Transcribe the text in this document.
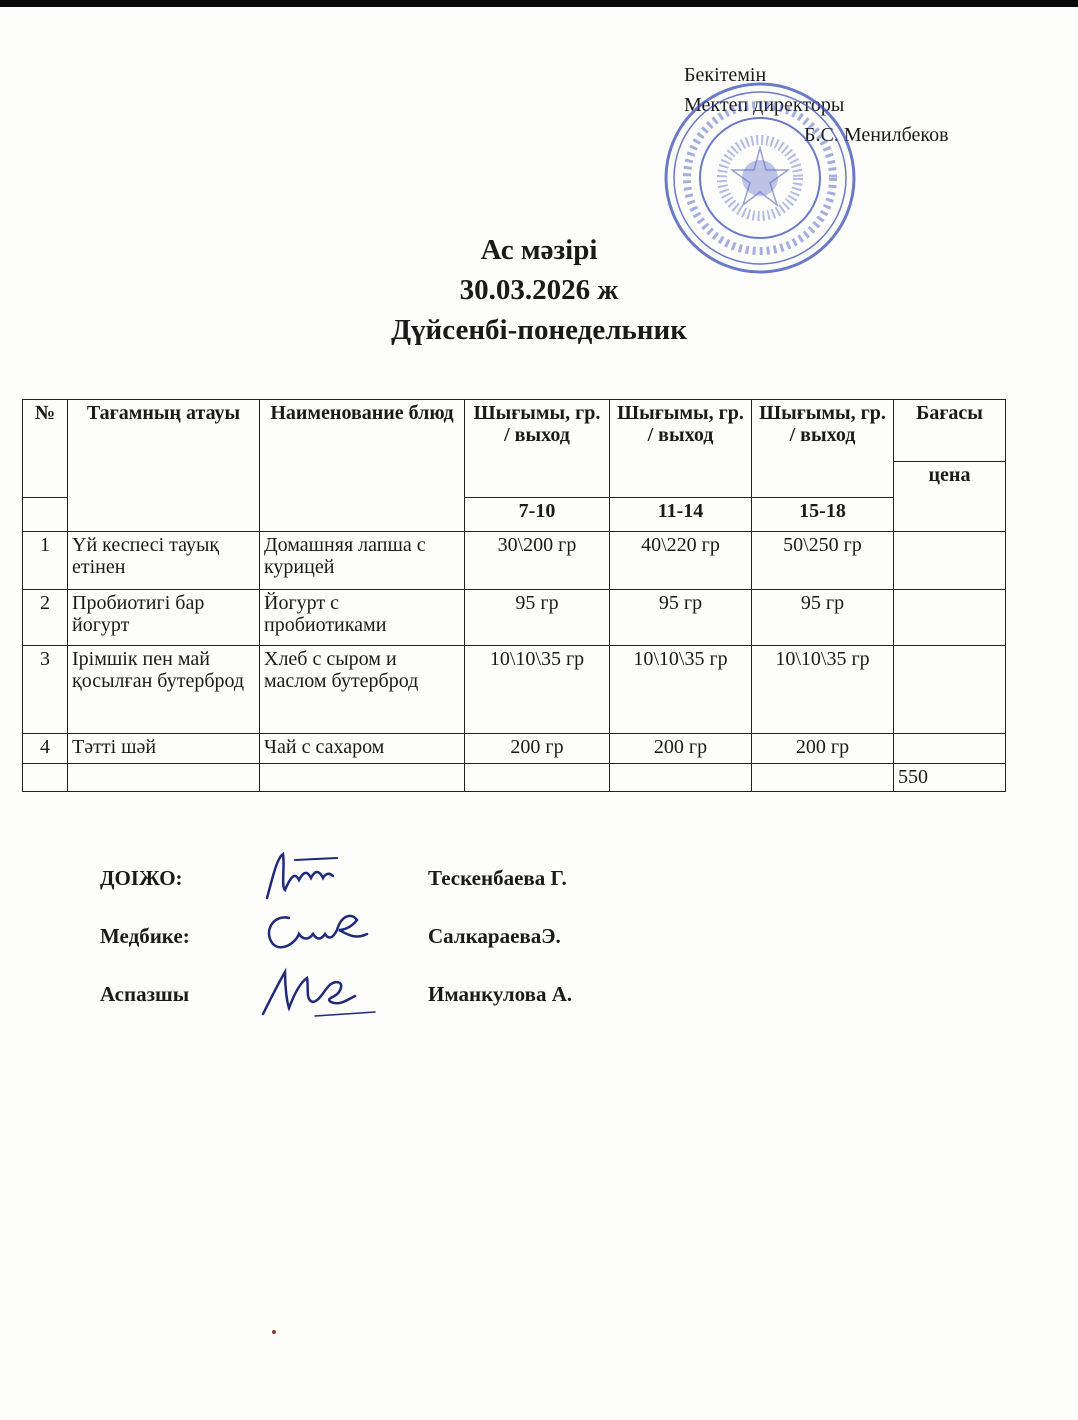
Бекітемін
Мектеп директоры
Б.С. Менилбеков
Ас мәзірі
30.03.2026 ж
Дүйсенбі-понедельник
№	Тағамның атауы	Наименование блюд	Шығымы, гр. / выход	Шығымы, гр. / выход	Шығымы, гр. / выход	Бағасы
						цена
			7-10	11-14	15-18	
1	Үй кеспесі тауық етінен	Домашняя лапша с курицей	30\200 гр	40\220 гр	50\250 гр	
2	Пробиотигі бар йогурт	Йогурт с пробиотиками	95 гр	95 гр	95 гр	
3	Ірімшік пен май қосылған бутерброд	Хлеб с сыром и маслом бутерброд	10\10\35 гр	10\10\35 гр	10\10\35 гр	
4	Тәтті шәй	Чай с сахаром	200 гр	200 гр	200 гр	
						550
ДОІЖО:	Тескенбаева Г.
Медбике:	СалкараеваЭ.
Аспазшы	Иманкулова А.
